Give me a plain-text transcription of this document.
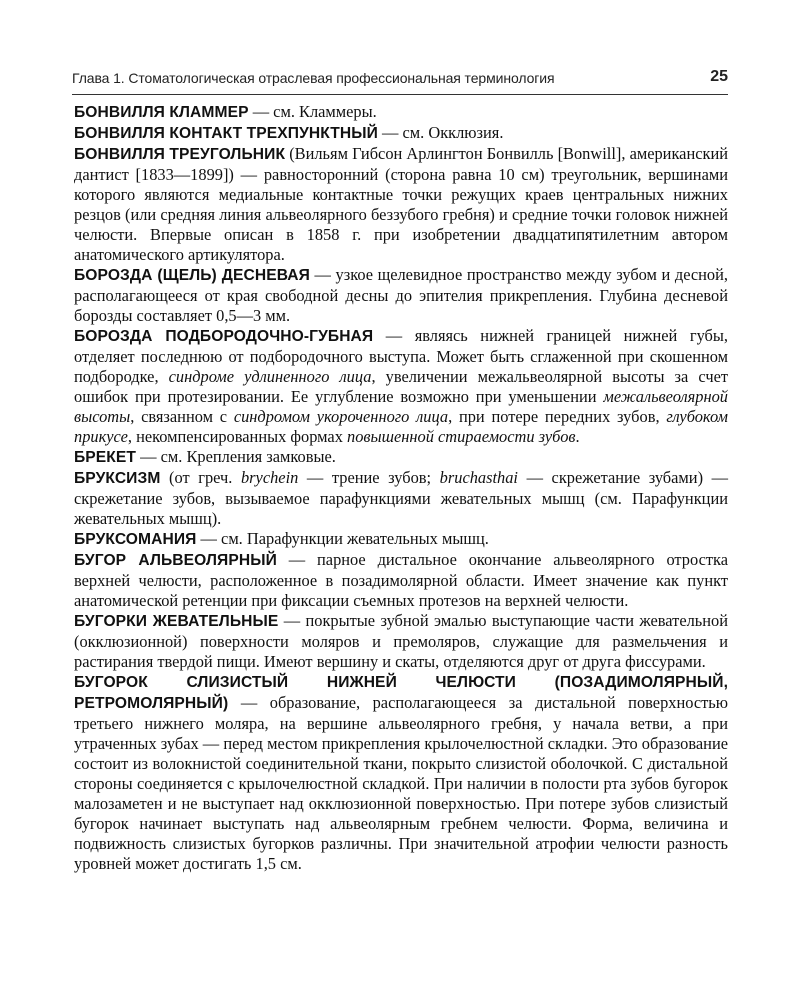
Глава 1. Стоматологическая отраслевая профессиональная терминология	25

БОНВИЛЛЯ КЛАММЕР — см. Кламмеры.

БОНВИЛЛЯ КОНТАКТ ТРЕХПУНКТНЫЙ — см. Окклюзия.

БОНВИЛЛЯ ТРЕУГОЛЬНИК (Вильям Гибсон Арлингтон Бонвилль [Bonwill], американский дантист [1833—1899]) — равносторонний (сторона равна 10 см) треугольник, вершинами которого являются медиальные контактные точки режущих краев центральных нижних резцов (или средняя линия альвеолярного беззубого гребня) и средние точки головок нижней челюсти. Впервые описан в 1858 г. при изобретении двадцатипятилетним автором анатомического артикулятора.

БОРОЗДА (ЩЕЛЬ) ДЕСНЕВАЯ — узкое щелевидное пространство между зубом и десной, располагающееся от края свободной десны до эпителия прикрепления. Глубина десневой борозды составляет 0,5—3 мм.

БОРОЗДА ПОДБОРОДОЧНО-ГУБНАЯ — являясь нижней границей нижней губы, отделяет последнюю от подбородочного выступа. Может быть сглаженной при скошенном подбородке, синдроме удлиненного лица, увеличении межальвеолярной высоты за счет ошибок при протезировании. Ее углубление возможно при уменьшении межальвеолярной высоты, связанном с синдромом укороченного лица, при потере передних зубов, глубоком прикусе, некомпенсированных формах повышенной стираемости зубов.

БРЕКЕТ — см. Крепления замковые.

БРУКСИЗМ (от греч. brychein — трение зубов; bruchasthai — скрежетание зубами) — скрежетание зубов, вызываемое парафункциями жевательных мышц (см. Парафункции жевательных мышц).

БРУКСОМАНИЯ — см. Парафункции жевательных мышц.

БУГОР АЛЬВЕОЛЯРНЫЙ — парное дистальное окончание альвеолярного отростка верхней челюсти, расположенное в позадимолярной области. Имеет значение как пункт анатомической ретенции при фиксации съемных протезов на верхней челюсти.

БУГОРКИ ЖЕВАТЕЛЬНЫЕ — покрытые зубной эмалью выступающие части жевательной (окклюзионной) поверхности моляров и премоляров, служащие для размельчения и растирания твердой пищи. Имеют вершину и скаты, отделяются друг от друга фиссурами.

БУГОРОК СЛИЗИСТЫЙ НИЖНЕЙ ЧЕЛЮСТИ (ПОЗАДИМОЛЯРНЫЙ, РЕТРОМОЛЯРНЫЙ) — образование, располагающееся за дистальной поверхностью третьего нижнего моляра, на вершине альвеолярного гребня, у начала ветви, а при утраченных зубах — перед местом прикрепления крылочелюстной складки. Это образование состоит из волокнистой соединительной ткани, покрыто слизистой оболочкой. С дистальной стороны соединяется с крылочелюстной складкой. При наличии в полости рта зубов бугорок малозаметен и не выступает над окклюзионной поверхностью. При потере зубов слизистый бугорок начинает выступать над альвеолярным гребнем челюсти. Форма, величина и подвижность слизистых бугорков различны. При значительной атрофии челюсти разность уровней может достигать 1,5 см.
